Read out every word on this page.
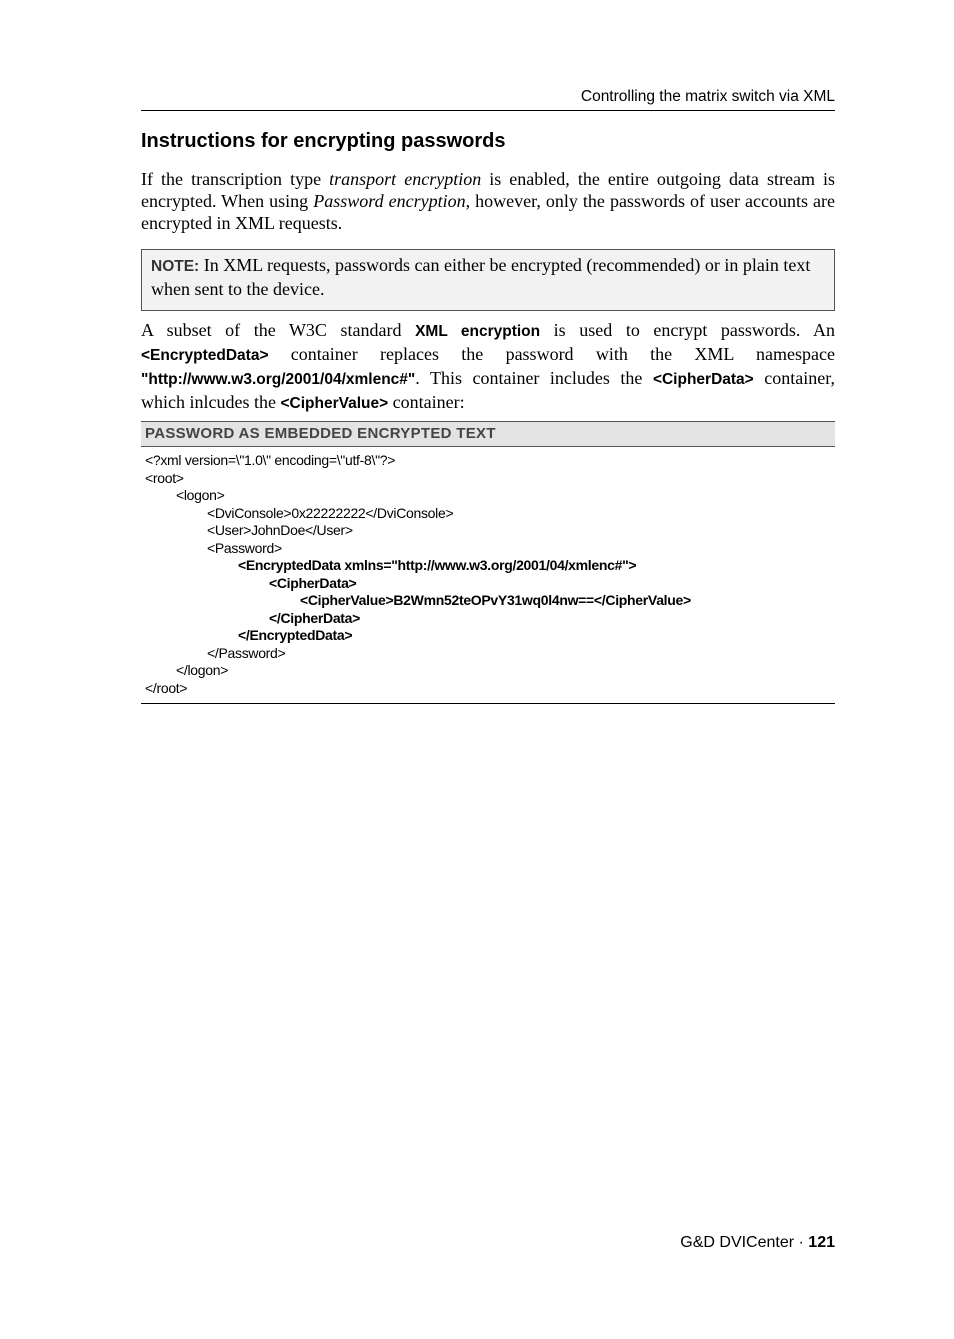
Controlling the matrix switch via XML
Instructions for encrypting passwords

If the transcription type transport encryption is enabled, the entire outgoing data stream is encrypted. When using Password encryption, however, only the passwords of user accounts are encrypted in XML requests.

NOTE: In XML requests, passwords can either be encrypted (recommended) or in plain text when sent to the device.

A subset of the W3C standard XML encryption is used to encrypt passwords. An <EncryptedData> container replaces the password with the XML namespace "http://www.w3.org/2001/04/xmlenc#". This container includes the <CipherData> container, which inlcudes the <CipherValue> container:

PASSWORD AS EMBEDDED ENCRYPTED TEXT
<?xml version=\"1.0\" encoding=\"utf-8\"?>
<root>
<logon>
<DviConsole>0x22222222</DviConsole>
<User>JohnDoe</User>
<Password>
<EncryptedData xmlns="http://www.w3.org/2001/04/xmlenc#">
<CipherData>
<CipherValue>B2Wmn52teOPvY31wq0l4nw==</CipherValue>
</CipherData>
</EncryptedData>
</Password>
</logon>
</root>
G&D DVICenter · 121
